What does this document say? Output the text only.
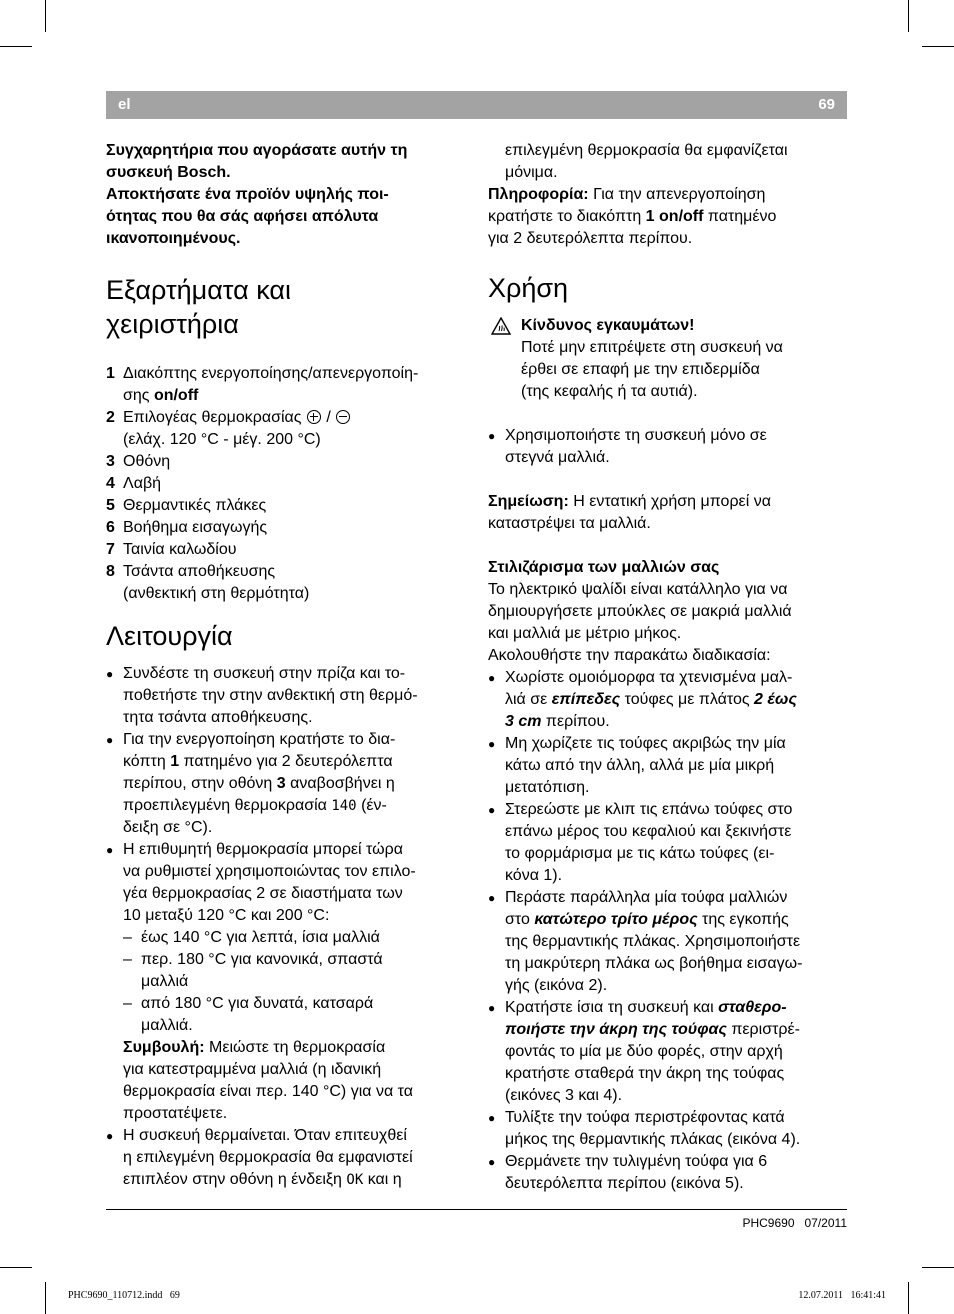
el	69

Συγχαρητήρια που αγοράσατε αυτήν τη

συσκευή Bosch.

Αποκτήσατε ένα προϊόν υψηλής ποι-

ότητας που θα σάς αφήσει απόλυτα

ικανοποιημένους.

Εξαρτήματα και
χειριστήρια
1 Διακόπτης ενεργοποίησης/απενεργοποίη-

σης on/off

2 Επιλογέας θερμοκρασίας
/

(ελάχ. 120 °C - μέγ. 200 °C)

3 Οθόνη

4 Λαβή

5 Θερμαντικές πλάκες

6 Βοήθημα εισαγωγής

7 Ταινία καλωδίου

8 Τσάντα αποθήκευσης

(ανθεκτική στη θερμότητα)

Λειτουργία

● Συνδέστε τη συσκευή στην πρίζα και το-

ποθετήστε την στην ανθεκτική στη θερμό-

τητα τσάντα αποθήκευσης.

● Για την ενεργοποίηση κρατήστε το δια-

κόπτη 1 πατημένο για 2 δευτερόλεπτα

περίπου, στην οθόνη 3 αναβοσβήνει η

προεπιλεγμένη θερμοκρασία 140 (έν-

δειξη σε °C).

● Η επιθυμητή θερμοκρασία μπορεί τώρα

να ρυθμιστεί χρησιμοποιώντας τον επιλο-

γέα θερμοκρασίας 2 σε διαστήματα των

10 μεταξύ 120 °C και 200 °C:

– έως 140 °C για λεπτά, ίσια μαλλιά

– περ. 180 °C για κανονικά, σπαστά

μαλλιά

– από 180 °C για δυνατά, κατσαρά

μαλλιά.

Συμβουλή: Μειώστε τη θερμοκρασία

για κατεστραμμένα μαλλιά (η ιδανική

θερμοκρασία είναι περ. 140 °C) για να τα

προστατέψετε.

● Η συσκευή θερμαίνεται. Όταν επιτευχθεί

η επιλεγμένη θερμοκρασία θα εμφανιστεί

επιπλέον στην οθόνη η ένδειξη OK και η

επιλεγμένη θερμοκρασία θα εμφανίζεται

μόνιμα.

Πληροφορία: Για την απενεργοποίηση

κρατήστε το διακόπτη 1 on/off πατημένο

για 2 δευτερόλεπτα περίπου.

Χρήση

Κίνδυνος εγκαυμάτων!

Ποτέ μην επιτρέψετε στη συσκευή να

έρθει σε επαφή με την επιδερμίδα

(της κεφαλής ή τα αυτιά).

● Χρησιμοποιήστε τη συσκευή μόνο σε

στεγνά μαλλιά.

Σημείωση: Η εντατική χρήση μπορεί να

καταστρέψει τα μαλλιά.

Στιλιζάρισμα των μαλλιών σας

Το ηλεκτρικό ψαλίδι είναι κατάλληλο για να

δημιουργήσετε μπούκλες σε μακριά μαλλιά

και μαλλιά με μέτριο μήκος.

Ακολουθήστε την παρακάτω διαδικασία:

● Χωρίστε ομοιόμορφα τα χτενισμένα μαλ-

λιά σε επίπεδες τούφες με πλάτος 2 έως

3 cm περίπου.

● Μη χωρίζετε τις τούφες ακριβώς την μία

κάτω από την άλλη, αλλά με μία μικρή

μετατόπιση.

● Στερεώστε με κλιπ τις επάνω τούφες στο

επάνω μέρος του κεφαλιού και ξεκινήστε

το φορμάρισμα με τις κάτω τούφες (ει-

κόνα 1).

● Περάστε παράλληλα μία τούφα μαλλιών

στο κατώτερο τρίτο μέρος της εγκοπής

της θερμαντικής πλάκας. Χρησιμοποιήστε

τη μακρύτερη πλάκα ως βοήθημα εισαγω-

γής (εικόνα 2).

● Κρατήστε ίσια τη συσκευή και σταθερο-

ποιήστε την άκρη της τούφας περιστρέ-

φοντάς το μία με δύο φορές, στην αρχή

κρατήστε σταθερά την άκρη της τούφας

(εικόνες 3 και 4).

● Τυλίξτε την τούφα περιστρέφοντας κατά

μήκος της θερμαντικής πλάκας (εικόνα 4).

● Θερμάνετε την τυλιγμένη τούφα για 6

δευτερόλεπτα περίπου (εικόνα 5).

PHC9690   07/2011
PHC9690_110712.indd   69	12.07.2011   16:41:41
